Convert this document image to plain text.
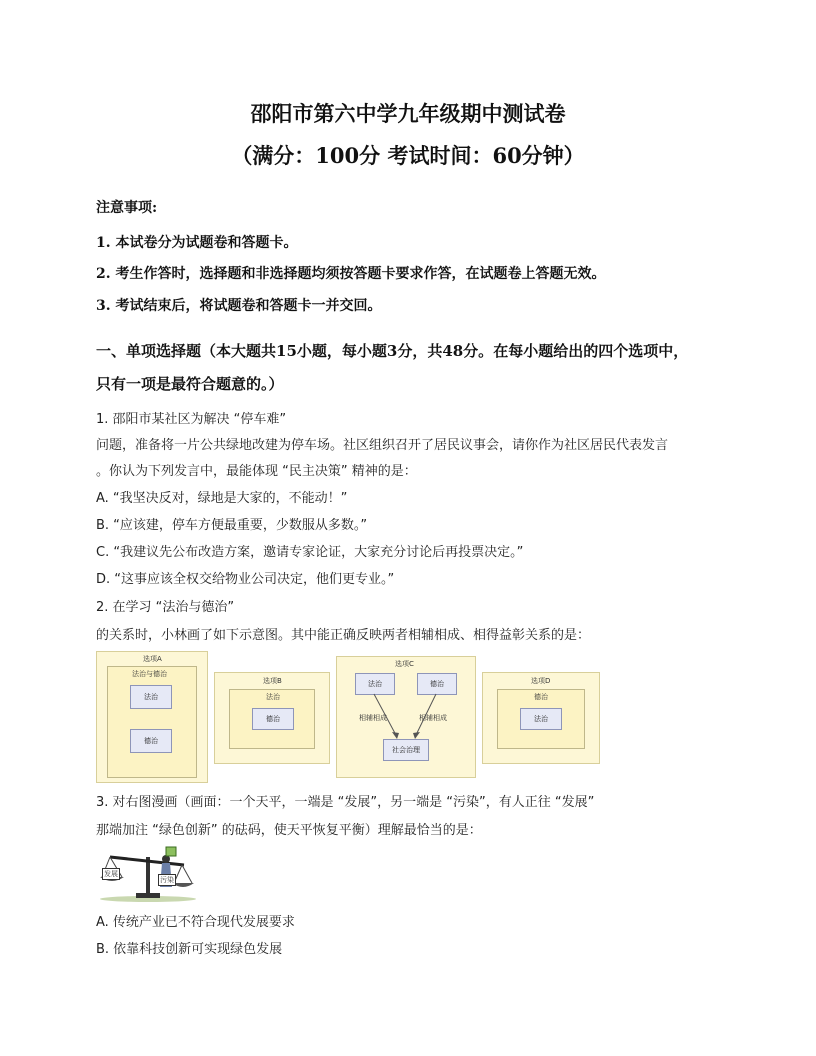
邵阳市第六中学九年级期中测试卷
（满分：100分 考试时间：60分钟）
注意事项:
1. 本试卷分为试题卷和答题卡。
2. 考生作答时，选择题和非选择题均须按答题卡要求作答，在试题卷上答题无效。
3. 考试结束后，将试题卷和答题卡一并交回。
一、单项选择题（本大题共15小题，每小题3分，共48分。在每小题给出的四个选项中，
只有一项是最符合题意的。）
1. 邵阳市某社区为解决 “停车难”
问题，准备将一片公共绿地改建为停车场。社区组织召开了居民议事会，请你作为社区居民代表发言
。你认为下列发言中，最能体现 “民主决策” 精神的是：
A. “我坚决反对，绿地是大家的，不能动！”
B. “应该建，停车方便最重要，少数服从多数。”
C. “我建议先公布改造方案，邀请专家论证，大家充分讨论后再投票决定。”
D. “这事应该全权交给物业公司决定，他们更专业。”
2. 在学习 “法治与德治”
的关系时，小林画了如下示意图。其中能正确反映两者相辅相成、相得益彰关系的是：
选项A
法治与德治
法治
德治
选项B
法治
德治
选项C
法治	德治
相辅相成	相辅相成
社会治理
选项D
德治
法治
3. 对右图漫画（画面：一个天平，一端是 “发展”，另一端是 “污染”，有人正往 “发展”
那端加注 “绿色创新” 的砝码，使天平恢复平衡）理解最恰当的是：
发展
污染
A. 传统产业已不符合现代发展要求
B. 依靠科技创新可实现绿色发展
